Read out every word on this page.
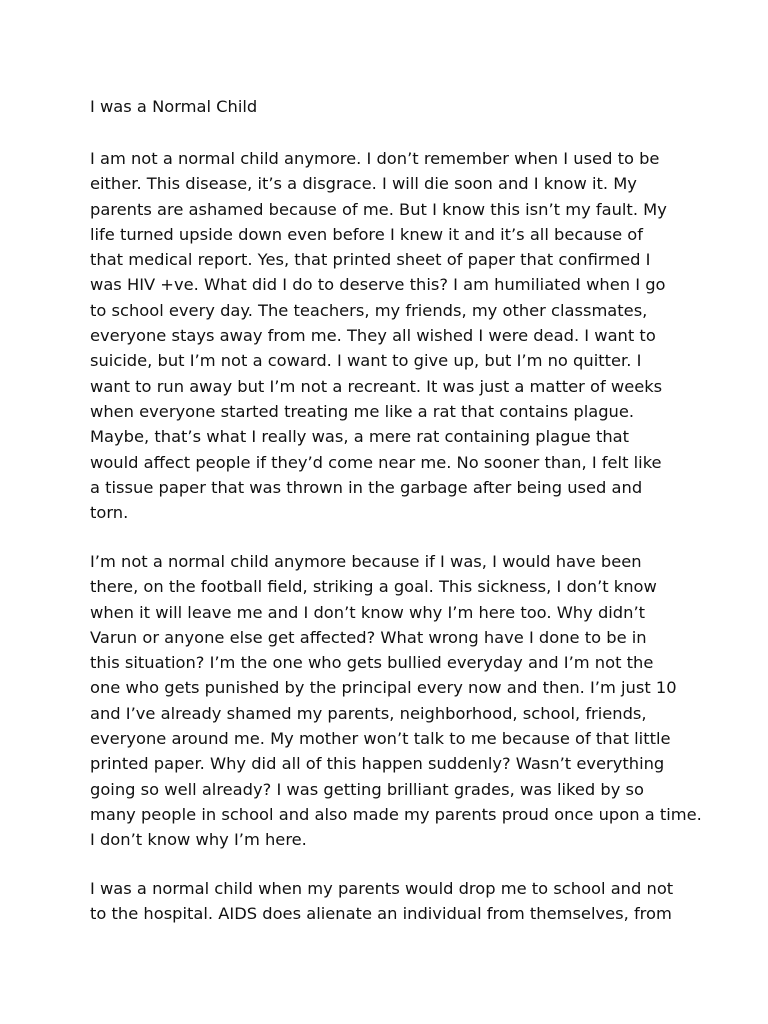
I was a Normal Child
I am not a normal child anymore. I don’t remember when I used to be
either. This disease, it’s a disgrace. I will die soon and I know it. My
parents are ashamed because of me. But I know this isn’t my fault. My
life turned upside down even before I knew it and it’s all because of
that medical report. Yes, that printed sheet of paper that confirmed I
was HIV +ve. What did I do to deserve this? I am humiliated when I go
to school every day. The teachers, my friends, my other classmates,
everyone stays away from me. They all wished I were dead. I want to
suicide, but I’m not a coward. I want to give up, but I’m no quitter. I
want to run away but I’m not a recreant. It was just a matter of weeks
when everyone started treating me like a rat that contains plague.
Maybe, that’s what I really was, a mere rat containing plague that
would affect people if they’d come near me. No sooner than, I felt like
a tissue paper that was thrown in the garbage after being used and
torn.
I’m not a normal child anymore because if I was, I would have been
there, on the football field, striking a goal. This sickness, I don’t know
when it will leave me and I don’t know why I’m here too. Why didn’t
Varun or anyone else get affected? What wrong have I done to be in
this situation? I’m the one who gets bullied everyday and I’m not the
one who gets punished by the principal every now and then. I’m just 10
and I’ve already shamed my parents, neighborhood, school, friends,
everyone around me. My mother won’t talk to me because of that little
printed paper. Why did all of this happen suddenly? Wasn’t everything
going so well already? I was getting brilliant grades, was liked by so
many people in school and also made my parents proud once upon a time.
I don’t know why I’m here.
I was a normal child when my parents would drop me to school and not
to the hospital. AIDS does alienate an individual from themselves, from
